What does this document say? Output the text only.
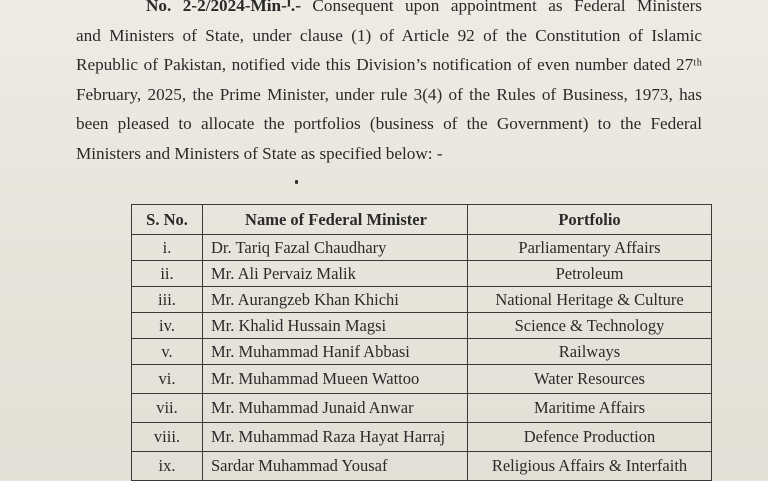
No. 2-2/2024-Min-ᴵ.- Consequent upon appointment as Federal Ministers
and Ministers of State, under clause (1) of Article 92 of the Constitution of Islamic
Republic of Pakistan, notified vide this Division’s notification of even number dated 27ᵗʰ
February, 2025, the Prime Minister, under rule 3(4) of the Rules of Business, 1973, has
been pleased to allocate the portfolios (business of the Government) to the Federal
Ministers and Ministers of State as specified below: -
S. No.	Name of Federal Minister	Portfolio
i.	Dr. Tariq Fazal Chaudhary	Parliamentary Affairs
ii.	Mr. Ali Pervaiz Malik	Petroleum
iii.	Mr. Aurangzeb Khan Khichi	National Heritage & Culture
iv.	Mr. Khalid Hussain Magsi	Science & Technology
v.	Mr. Muhammad Hanif Abbasi	Railways
vi.	Mr. Muhammad Mueen Wattoo	Water Resources
vii.	Mr. Muhammad Junaid Anwar	Maritime Affairs
viii.	Mr. Muhammad Raza Hayat Harraj	Defence Production
ix.	Sardar Muhammad Yousaf	Religious Affairs & Interfaith
